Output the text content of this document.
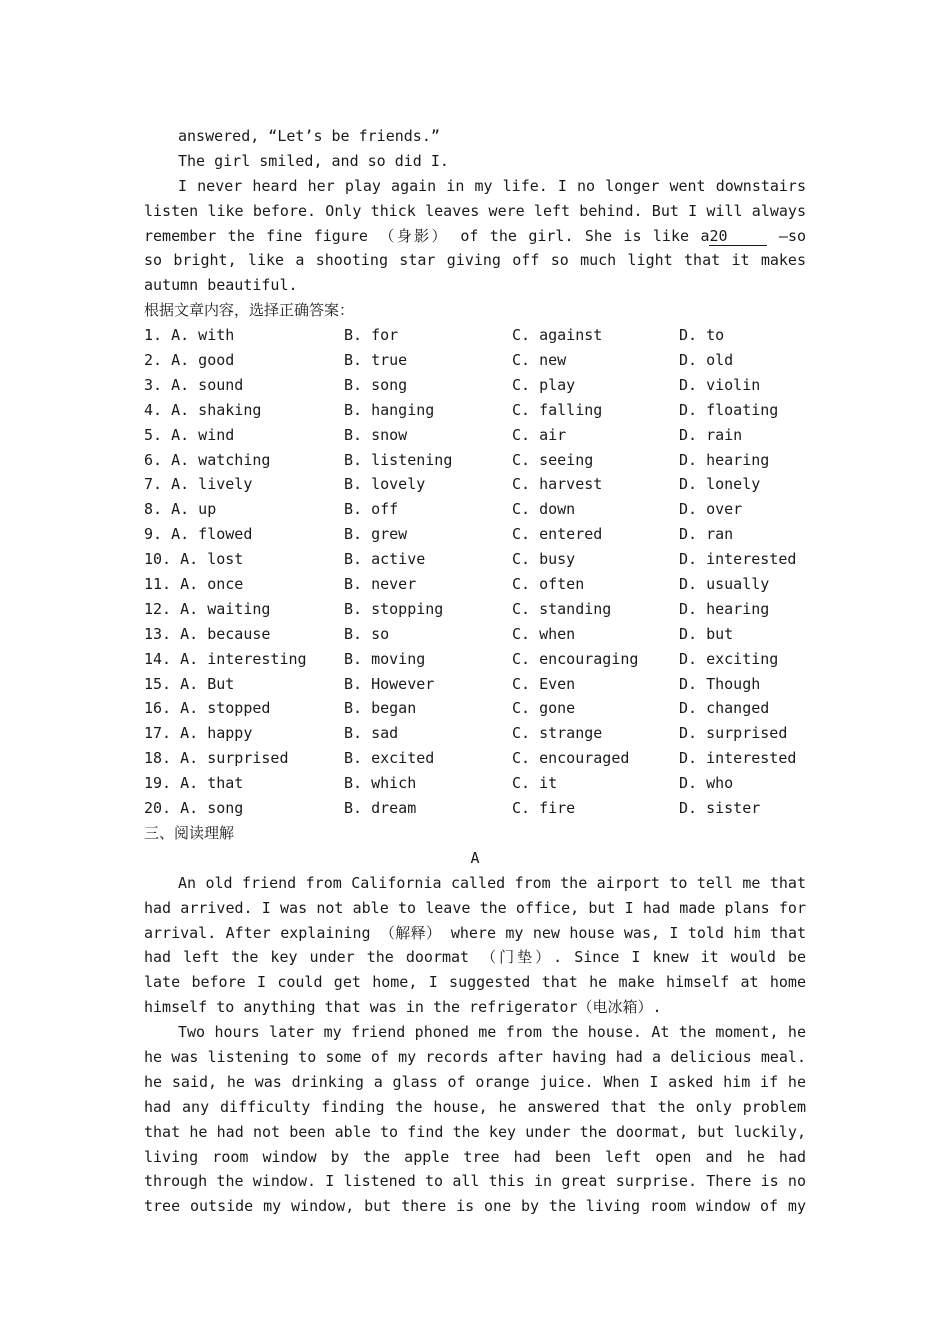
answered, “Let’s be friends.”
The girl smiled, and so did I.
I never heard her play again in my life. I no longer went downstairs
listen like before. Only thick leaves were left behind. But I will always
remember the fine figure （身影） of the girl. She is like a20	—so
so bright, like a shooting star giving off so much light that it makes
autumn beautiful.
根据文章内容，选择正确答案：
1. A. with	B. for	C. against	D. to
2. A. good	B. true	C. new	D. old
3. A. sound	B. song	C. play	D. violin
4. A. shaking	B. hanging	C. falling	D. floating
5. A. wind	B. snow	C. air	D. rain
6. A. watching	B. listening	C. seeing	D. hearing
7. A. lively	B. lovely	C. harvest	D. lonely
8. A. up	B. off	C. down	D. over
9. A. flowed	B. grew	C. entered	D. ran
10. A. lost	B. active	C. busy	D. interested
11. A. once	B. never	C. often	D. usually
12. A. waiting	B. stopping	C. standing	D. hearing
13. A. because	B. so	C. when	D. but
14. A. interesting	B. moving	C. encouraging	D. exciting
15. A. But	B. However	C. Even	D. Though
16. A. stopped	B. began	C. gone	D. changed
17. A. happy	B. sad	C. strange	D. surprised
18. A. surprised	B. excited	C. encouraged	D. interested
19. A. that	B. which	C. it	D. who
20. A. song	B. dream	C. fire	D. sister
三、阅读理解
A
An old friend from California called from the airport to tell me that
had arrived. I was not able to leave the office, but I had made plans for
arrival. After explaining （解释） where my new house was, I told him that
had left the key under the doormat （门垫）. Since I knew it would be
late before I could get home, I suggested that he make himself at home
himself to anything that was in the refrigerator（电冰箱）.
Two hours later my friend phoned me from the house. At the moment, he
he was listening to some of my records after having had a delicious meal.
he said, he was drinking a glass of orange juice. When I asked him if he
had any difficulty finding the house, he answered that the only problem
that he had not been able to find the key under the doormat, but luckily,
living room window by the apple tree had been left open and he had
through the window. I listened to all this in great surprise. There is no
tree outside my window, but there is one by the living room window of my
